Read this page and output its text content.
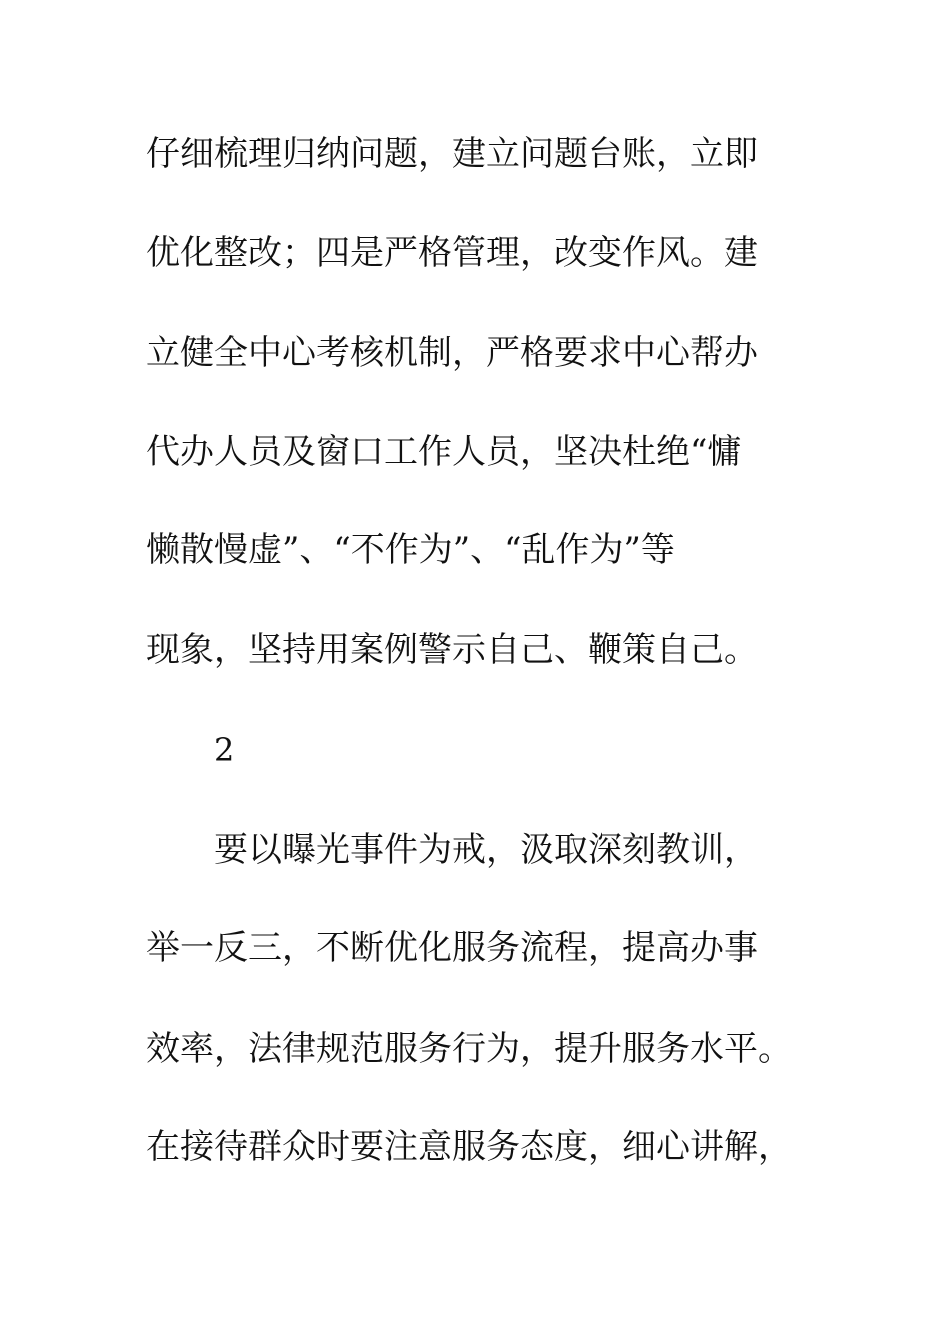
仔细梳理归纳问题，建立问题台账，立即
优化整改；四是严格管理，改变作风。建
立健全中心考核机制，严格要求中心帮办
代办人员及窗口工作人员，坚决杜绝“慵
懒散慢虚”、“不作为”、“乱作为”等
现象，坚持用案例警示自己、鞭策自己。
2
要以曝光事件为戒，汲取深刻教训，
举一反三，不断优化服务流程，提高办事
效率，法律规范服务行为，提升服务水平。
在接待群众时要注意服务态度，细心讲解，
